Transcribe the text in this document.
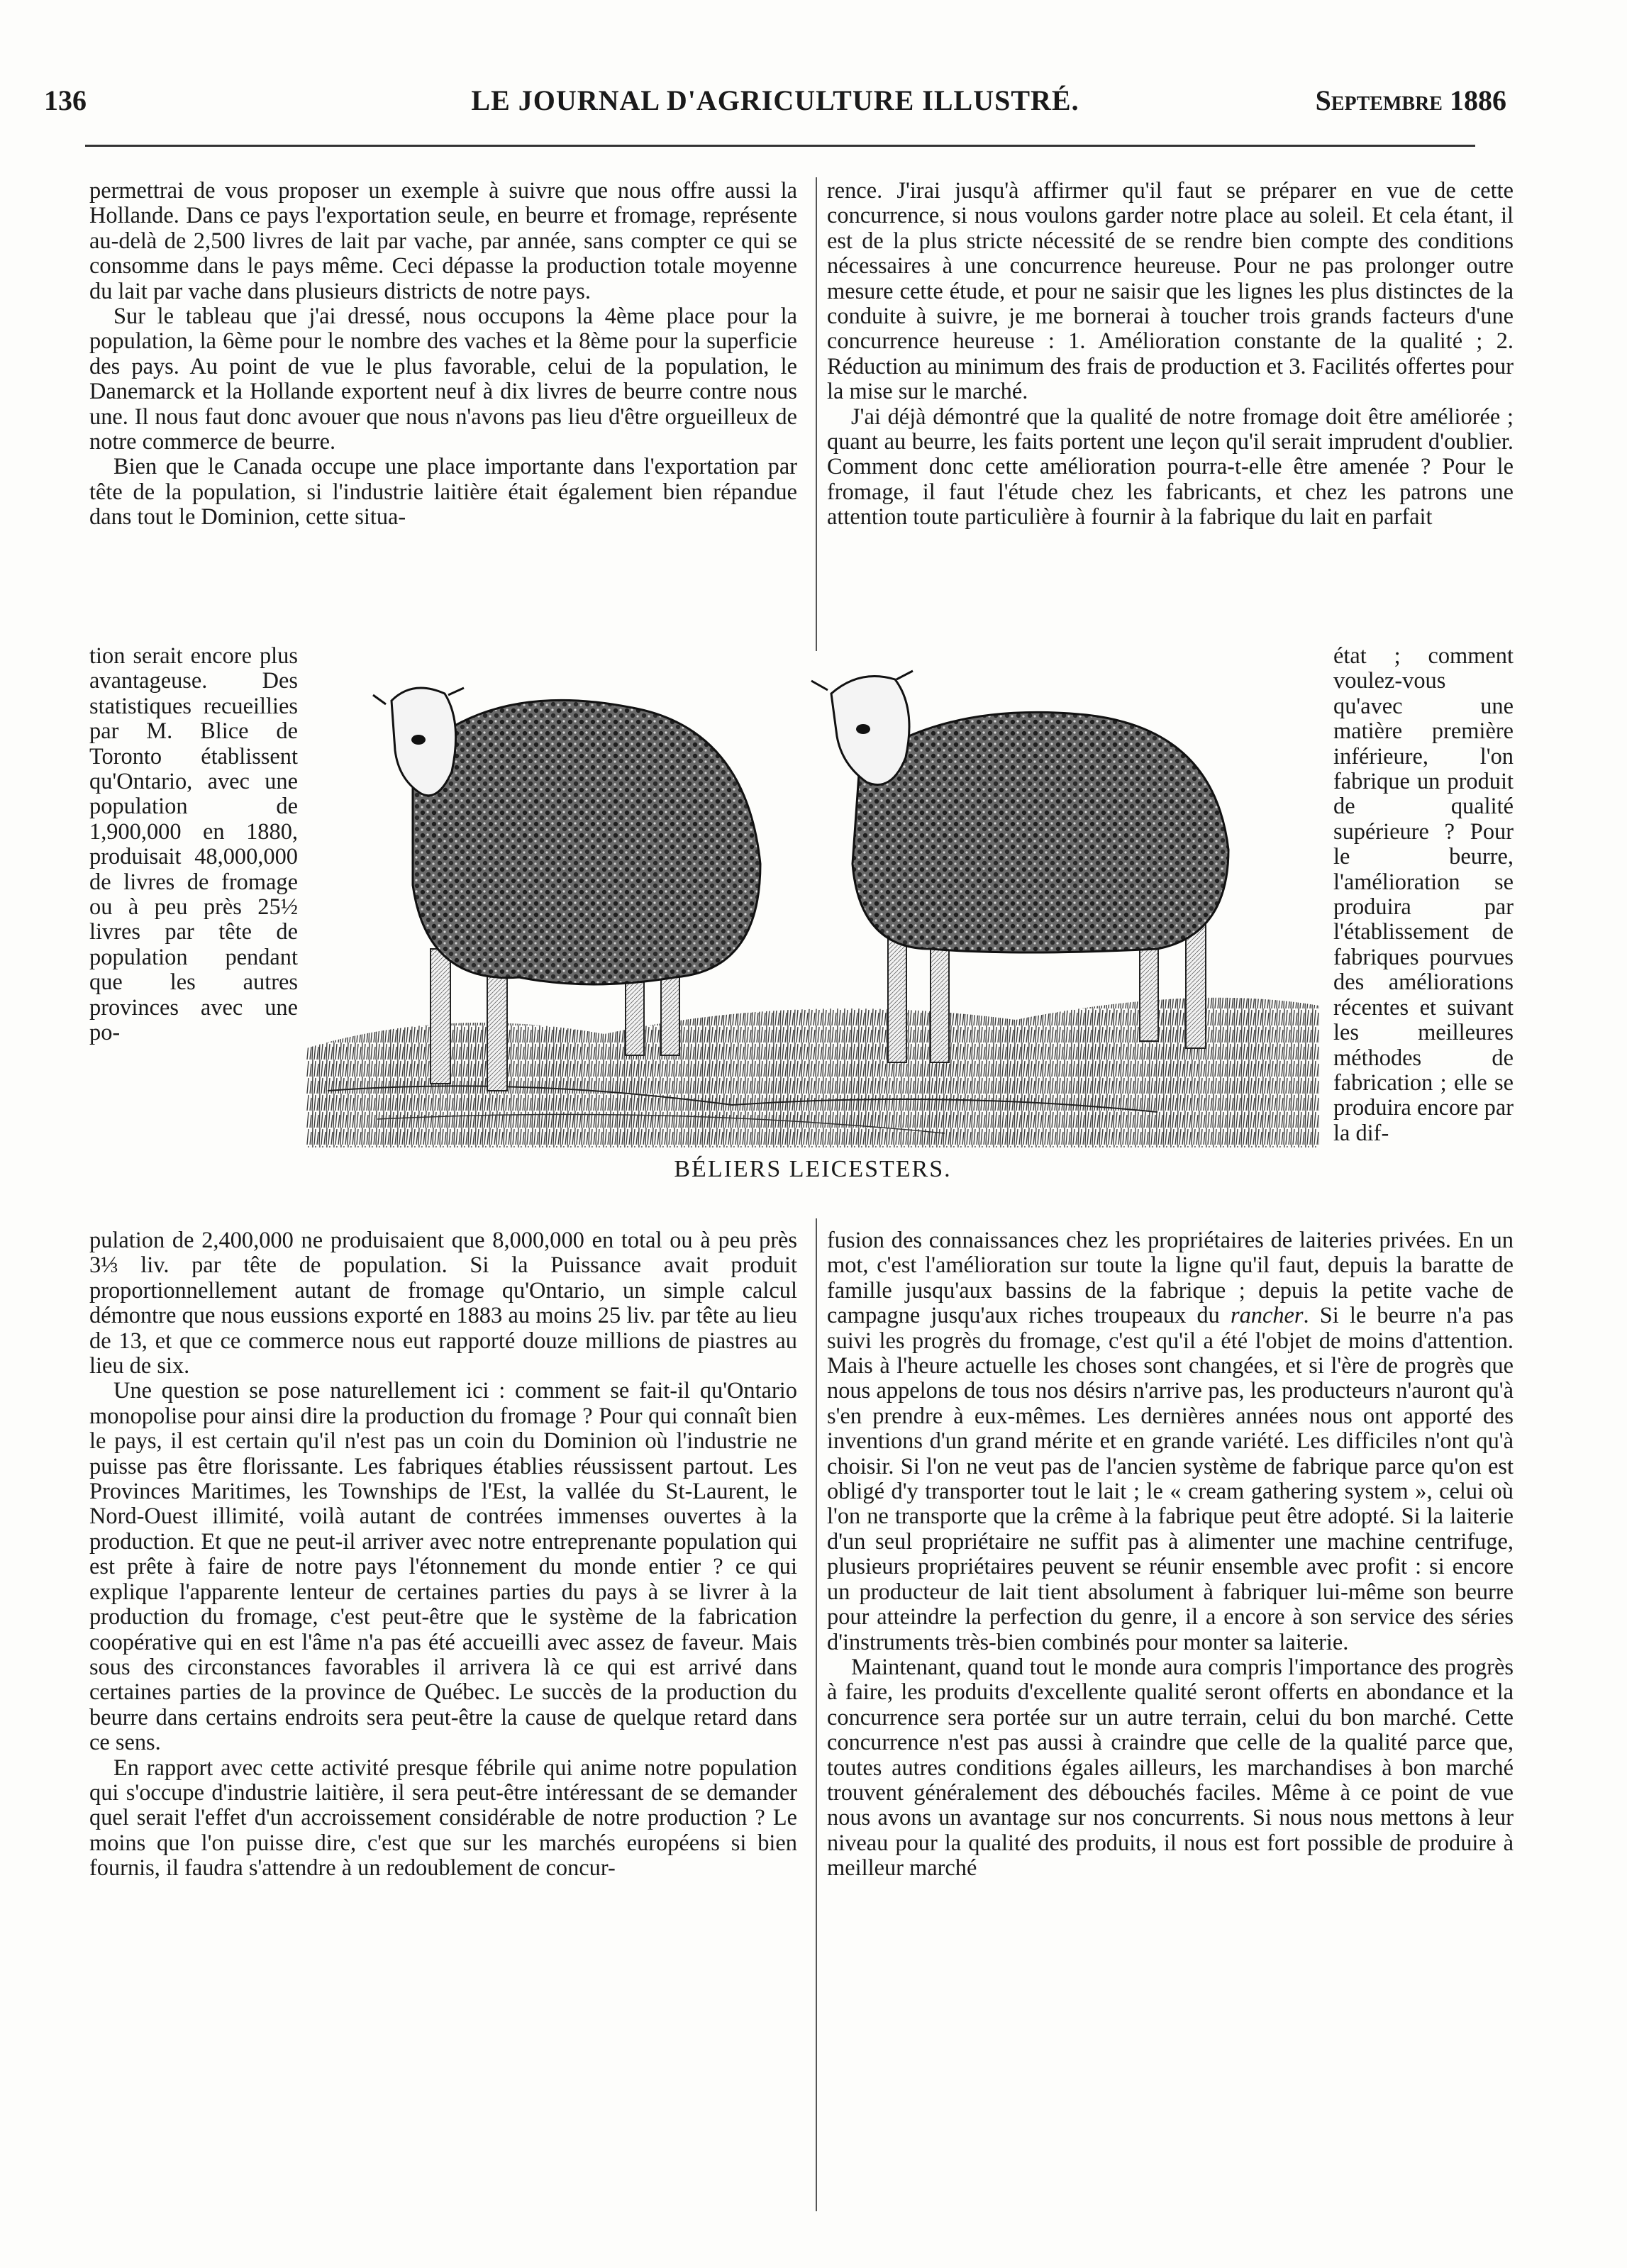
136	LE JOURNAL D'AGRICULTURE ILLUSTRÉ.	Septembre 1886

permettrai de vous proposer un exemple à suivre que nous offre aussi la Hollande. Dans ce pays l'exportation seule, en beurre et fromage, représente au-delà de 2,500 livres de lait par vache, par année, sans compter ce qui se consomme dans le pays même. Ceci dépasse la production totale moyenne du lait par vache dans plusieurs districts de notre pays.

Sur le tableau que j'ai dressé, nous occupons la 4ème place pour la population, la 6ème pour le nombre des vaches et la 8ème pour la superficie des pays. Au point de vue le plus favorable, celui de la population, le Danemarck et la Hollande exportent neuf à dix livres de beurre contre nous une. Il nous faut donc avouer que nous n'avons pas lieu d'être orgueilleux de notre commerce de beurre.

Bien que le Canada occupe une place importante dans l'exportation par tête de la population, si l'industrie laitière était également bien répandue dans tout le Dominion, cette situa-

tion serait encore plus avantageuse. Des statistiques recueillies par M. Blice de Toronto établissent qu'Ontario, avec une population de 1,900,000 en 1880, produisait 48,000,000 de livres de fromage ou à peu près 25½ livres par tête de population pendant que les autres provinces avec une po-

pulation de 2,400,000 ne produisaient que 8,000,000 en total ou à peu près 3⅓ liv. par tête de population. Si la Puissance avait produit proportionnellement autant de fromage qu'Ontario, un simple calcul démontre que nous eussions exporté en 1883 au moins 25 liv. par tête au lieu de 13, et que ce commerce nous eut rapporté douze millions de piastres au lieu de six.

Une question se pose naturellement ici : comment se fait-il qu'Ontario monopolise pour ainsi dire la production du fromage ? Pour qui connaît bien le pays, il est certain qu'il n'est pas un coin du Dominion où l'industrie ne puisse pas être florissante. Les fabriques établies réussissent partout. Les Provinces Maritimes, les Townships de l'Est, la vallée du St-Laurent, le Nord-Ouest illimité, voilà autant de contrées immenses ouvertes à la production. Et que ne peut-il arriver avec notre entreprenante population qui est prête à faire de notre pays l'étonnement du monde entier ? ce qui explique l'apparente lenteur de certaines parties du pays à se livrer à la production du fromage, c'est peut-être que le système de la fabrication coopérative qui en est l'âme n'a pas été accueilli avec assez de faveur. Mais sous des circonstances favorables il arrivera là ce qui est arrivé dans certaines parties de la province de Québec. Le succès de la production du beurre dans certains endroits sera peut-être la cause de quelque retard dans ce sens.

En rapport avec cette activité presque fébrile qui anime notre population qui s'occupe d'industrie laitière, il sera peut-être intéressant de se demander quel serait l'effet d'un accroissement considérable de notre production ? Le moins que l'on puisse dire, c'est que sur les marchés européens si bien fournis, il faudra s'attendre à un redoublement de concur-

rence. J'irai jusqu'à affirmer qu'il faut se préparer en vue de cette concurrence, si nous voulons garder notre place au soleil. Et cela étant, il est de la plus stricte nécessité de se rendre bien compte des conditions nécessaires à une concurrence heureuse. Pour ne pas prolonger outre mesure cette étude, et pour ne saisir que les lignes les plus distinctes de la conduite à suivre, je me bornerai à toucher trois grands facteurs d'une concurrence heureuse : 1. Amélioration constante de la qualité ; 2. Réduction au minimum des frais de production et 3. Facilités offertes pour la mise sur le marché.

J'ai déjà démontré que la qualité de notre fromage doit être améliorée ; quant au beurre, les faits portent une leçon qu'il serait imprudent d'oublier. Comment donc cette amélioration pourra-t-elle être amenée ? Pour le fromage, il faut l'étude chez les fabricants, et chez les patrons une attention toute particulière à fournir à la fabrique du lait en parfait

état ; comment voulez-vous qu'avec une matière première inférieure, l'on fabrique un produit de qualité supérieure ? Pour le beurre, l'amélioration se produira par l'établissement de fabriques pourvues des améliorations récentes et suivant les meilleures méthodes de fabrication ; elle se produira encore par la dif-

fusion des connaissances chez les propriétaires de laiteries privées. En un mot, c'est l'amélioration sur toute la ligne qu'il faut, depuis la baratte de famille jusqu'aux bassins de la fabrique ; depuis la petite vache de campagne jusqu'aux riches troupeaux du rancher. Si le beurre n'a pas suivi les progrès du fromage, c'est qu'il a été l'objet de moins d'attention. Mais à l'heure actuelle les choses sont changées, et si l'ère de progrès que nous appelons de tous nos désirs n'arrive pas, les producteurs n'auront qu'à s'en prendre à eux-mêmes. Les dernières années nous ont apporté des inventions d'un grand mérite et en grande variété. Les difficiles n'ont qu'à choisir. Si l'on ne veut pas de l'ancien système de fabrique parce qu'on est obligé d'y transporter tout le lait ; le « cream gathering system », celui où l'on ne transporte que la crême à la fabrique peut être adopté. Si la laiterie d'un seul propriétaire ne suffit pas à alimenter une machine centrifuge, plusieurs propriétaires peuvent se réunir ensemble avec profit : si encore un producteur de lait tient absolument à fabriquer lui-même son beurre pour atteindre la perfection du genre, il a encore à son service des séries d'instruments très-bien combinés pour monter sa laiterie.

Maintenant, quand tout le monde aura compris l'importance des progrès à faire, les produits d'excellente qualité seront offerts en abondance et la concurrence sera portée sur un autre terrain, celui du bon marché. Cette concurrence n'est pas aussi à craindre que celle de la qualité parce que, toutes autres conditions égales ailleurs, les marchandises à bon marché trouvent généralement des débouchés faciles. Même à ce point de vue nous avons un avantage sur nos concurrents. Si nous nous mettons à leur niveau pour la qualité des produits, il nous est fort possible de produire à meilleur marché

BÉLIERS LEICESTERS.
